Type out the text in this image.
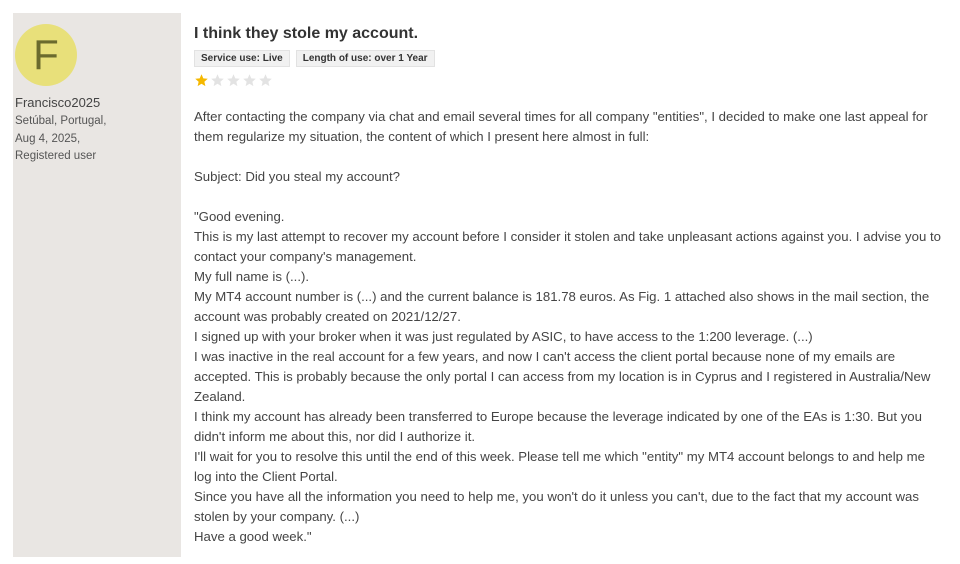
F
Francisco2025
Setúbal, Portugal,
Aug 4, 2025,
Registered user
I think they stole my account.
Service use: Live	Length of use: over 1 Year

After contacting the company via chat and email several times for all company "entities", I decided to make one last appeal for them regularize my situation, the content of which I present here almost in full:

Subject: Did you steal my account?

"Good evening.

This is my last attempt to recover my account before I consider it stolen and take unpleasant actions against you. I advise you to contact your company's management.

My full name is (...).

My MT4 account number is (...) and the current balance is 181.78 euros. As Fig. 1 attached also shows in the mail section, the account was probably created on 2021/12/27.

I signed up with your broker when it was just regulated by ASIC, to have access to the 1:200 leverage. (...)

I was inactive in the real account for a few years, and now I can't access the client portal because none of my emails are accepted. This is probably because the only portal I can access from my location is in Cyprus and I registered in Australia/New Zealand.

I think my account has already been transferred to Europe because the leverage indicated by one of the EAs is 1:30. But you didn't inform me about this, nor did I authorize it.

I'll wait for you to resolve this until the end of this week. Please tell me which "entity" my MT4 account belongs to and help me log into the Client Portal.

Since you have all the information you need to help me, you won't do it unless you can't, due to the fact that my account was stolen by your company. (...)

Have a good week."
